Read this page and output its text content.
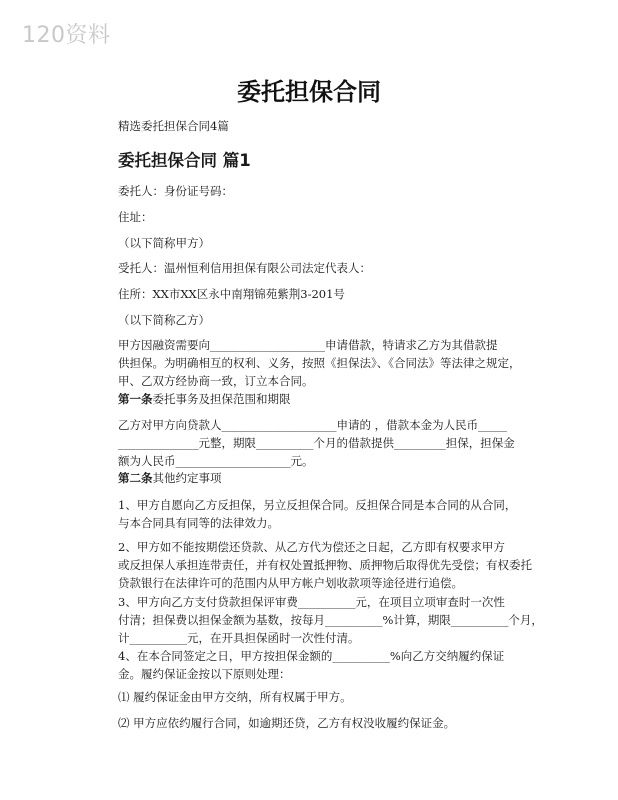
120资料
委托担保合同
精选委托担保合同4篇
委托担保合同 篇1
委托人：身份证号码：
住址：
（以下简称甲方）
受托人：温州恒利信用担保有限公司法定代表人：
住所：XX市XX区永中南翔锦苑紫荆3-201号
（以下简称乙方）
甲方因融资需要向____________________申请借款，特请求乙方为其借款提
供担保。为明确相互的权利、义务，按照《担保法》、《合同法》等法律之规定，
甲、乙双方经协商一致，订立本合同。
第一条委托事务及担保范围和期限
乙方对甲方向贷款人____________________申请的 ，借款本金为人民币_____
______________元整，期限__________个月的借款提供_________担保，担保金
额为人民币____________________元。
第二条其他约定事项
1、甲方自愿向乙方反担保，另立反担保合同。反担保合同是本合同的从合同，
与本合同具有同等的法律效力。
2、甲方如不能按期偿还贷款、从乙方代为偿还之日起，乙方即有权要求甲方
或反担保人承担连带责任，并有权处置抵押物、质押物后取得优先受偿；有权委托
贷款银行在法律许可的范围内从甲方帐户划收款项等途径进行追偿。
3、甲方向乙方支付贷款担保评审费__________元，在项目立项审查时一次性
付清；担保费以担保金额为基数，按每月__________%计算，期限__________个月，
计__________元，在开具担保函时一次性付清。
4、在本合同签定之日，甲方按担保金额的__________%向乙方交纳履约保证
金。履约保证金按以下原则处理：
⑴ 履约保证金由甲方交纳，所有权属于甲方。
⑵ 甲方应依约履行合同，如逾期还贷，乙方有权没收履约保证金。
